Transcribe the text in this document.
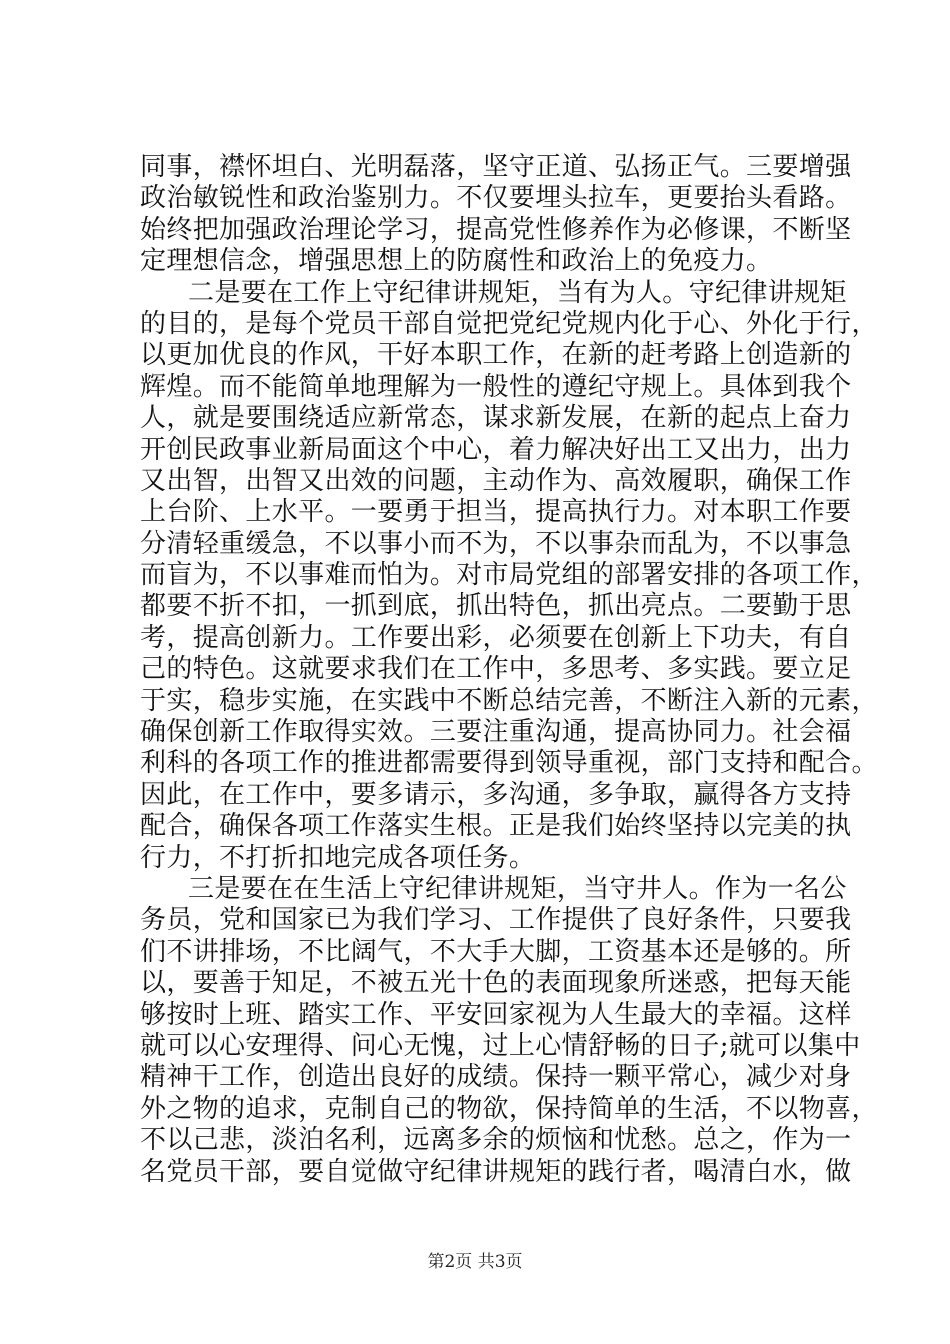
同事，襟怀坦白、光明磊落，坚守正道、弘扬正气。三要增强
政治敏锐性和政治鉴别力。不仅要埋头拉车，更要抬头看路。
始终把加强政治理论学习，提高党性修养作为必修课，不断坚
定理想信念，增强思想上的防腐性和政治上的免疫力。
二是要在工作上守纪律讲规矩，当有为人。守纪律讲规矩
的目的，是每个党员干部自觉把党纪党规内化于心、外化于行，
以更加优良的作风，干好本职工作，在新的赶考路上创造新的
辉煌。而不能简单地理解为一般性的遵纪守规上。具体到我个
人，就是要围绕适应新常态，谋求新发展，在新的起点上奋力
开创民政事业新局面这个中心，着力解决好出工又出力，出力
又出智，出智又出效的问题，主动作为、高效履职，确保工作
上台阶、上水平。一要勇于担当，提高执行力。对本职工作要
分清轻重缓急，不以事小而不为，不以事杂而乱为，不以事急
而盲为，不以事难而怕为。对市局党组的部署安排的各项工作，
都要不折不扣，一抓到底，抓出特色，抓出亮点。二要勤于思
考，提高创新力。工作要出彩，必须要在创新上下功夫，有自
己的特色。这就要求我们在工作中，多思考、多实践。要立足
于实，稳步实施，在实践中不断总结完善，不断注入新的元素，
确保创新工作取得实效。三要注重沟通，提高协同力。社会福
利科的各项工作的推进都需要得到领导重视，部门支持和配合。
因此，在工作中，要多请示，多沟通，多争取，赢得各方支持
配合，确保各项工作落实生根。正是我们始终坚持以完美的执
行力，不打折扣地完成各项任务。
三是要在在生活上守纪律讲规矩，当守井人。作为一名公
务员，党和国家已为我们学习、工作提供了良好条件，只要我
们不讲排场，不比阔气，不大手大脚，工资基本还是够的。所
以，要善于知足，不被五光十色的表面现象所迷惑，把每天能
够按时上班、踏实工作、平安回家视为人生最大的幸福。这样
就可以心安理得、问心无愧，过上心情舒畅的日子;就可以集中
精神干工作，创造出良好的成绩。保持一颗平常心，减少对身
外之物的追求，克制自己的物欲，保持简单的生活，不以物喜，
不以己悲，淡泊名利，远离多余的烦恼和忧愁。总之，作为一
名党员干部，要自觉做守纪律讲规矩的践行者，喝清白水，做
第2页 共3页
